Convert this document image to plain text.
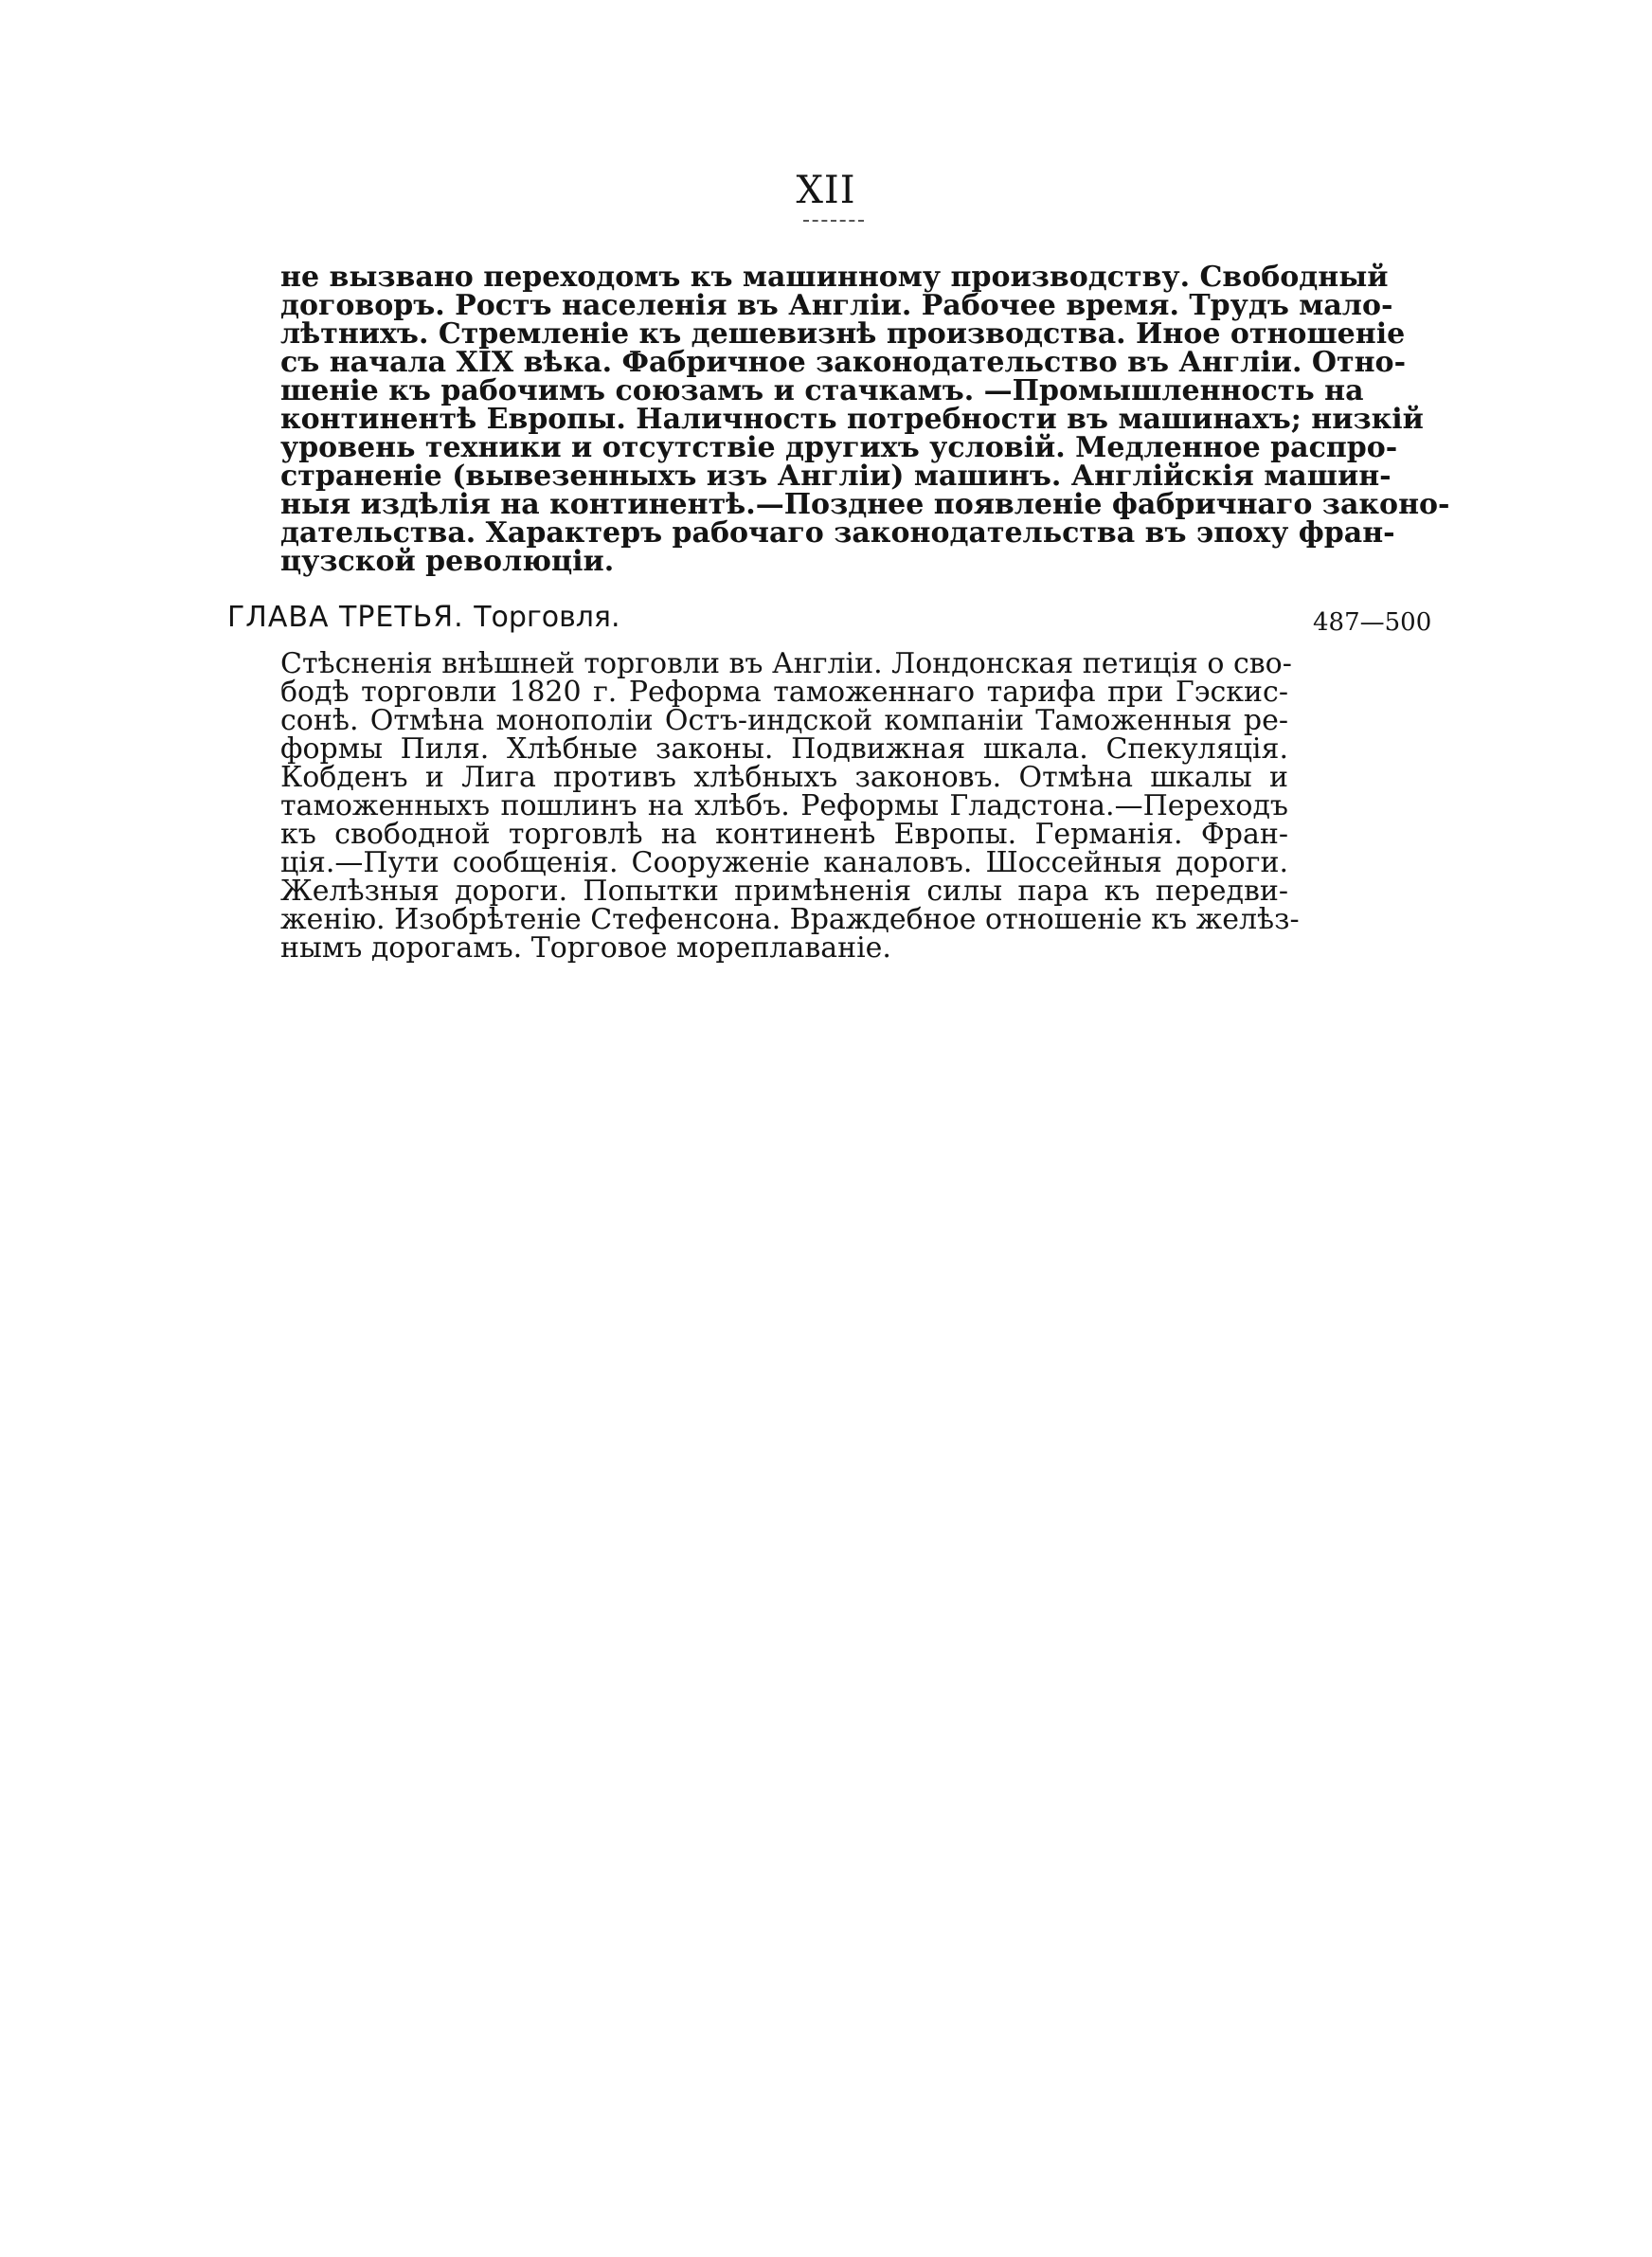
XII
не вызвано переходомъ къ машинному производству. Свободный
договоръ. Ростъ населенія въ Англіи. Рабочее время. Трудъ мало-
лѣтнихъ. Стремленіе къ дешевизнѣ производства. Иное отношеніе
съ начала XIX вѣка. Фабричное законодательство въ Англіи. Отно-
шеніе къ рабочимъ союзамъ и стачкамъ. —Промышленность на
континентѣ Европы. Наличность потребности въ машинахъ; низкій
уровень техники и отсутствіе другихъ условій. Медленное распро-
страненіе (вывезенныхъ изъ Англіи) машинъ. Англійскія машин-
ныя издѣлія на континентѣ.—Позднее появленіе фабричнаго законо-
дательства. Характеръ рабочаго законодательства въ эпоху фран-
цузской революціи.
ГЛАВА ТРЕТЬЯ. Торговля.	487—500
Стѣсненія внѣшней торговли въ Англіи. Лондонская петиція о сво-
бодѣ торговли 1820 г. Реформа таможеннаго тарифа при Гэскис-
сонѣ. Отмѣна монополіи Остъ-индской компаніи Таможенныя ре-
формы Пиля. Хлѣбные законы. Подвижная шкала. Спекуляція.
Кобденъ и Лига противъ хлѣбныхъ законовъ. Отмѣна шкалы и
таможенныхъ пошлинъ на хлѣбъ. Реформы Гладстона.—Переходъ
къ свободной торговлѣ на континенѣ Европы. Германія. Фран-
ція.—Пути сообщенія. Сооруженіе каналовъ. Шоссейныя дороги.
Желѣзныя дороги. Попытки примѣненія силы пара къ передви-
женію. Изобрѣтеніе Стефенсона. Враждебное отношеніе къ желѣз-
нымъ дорогамъ. Торговое мореплаваніе.
